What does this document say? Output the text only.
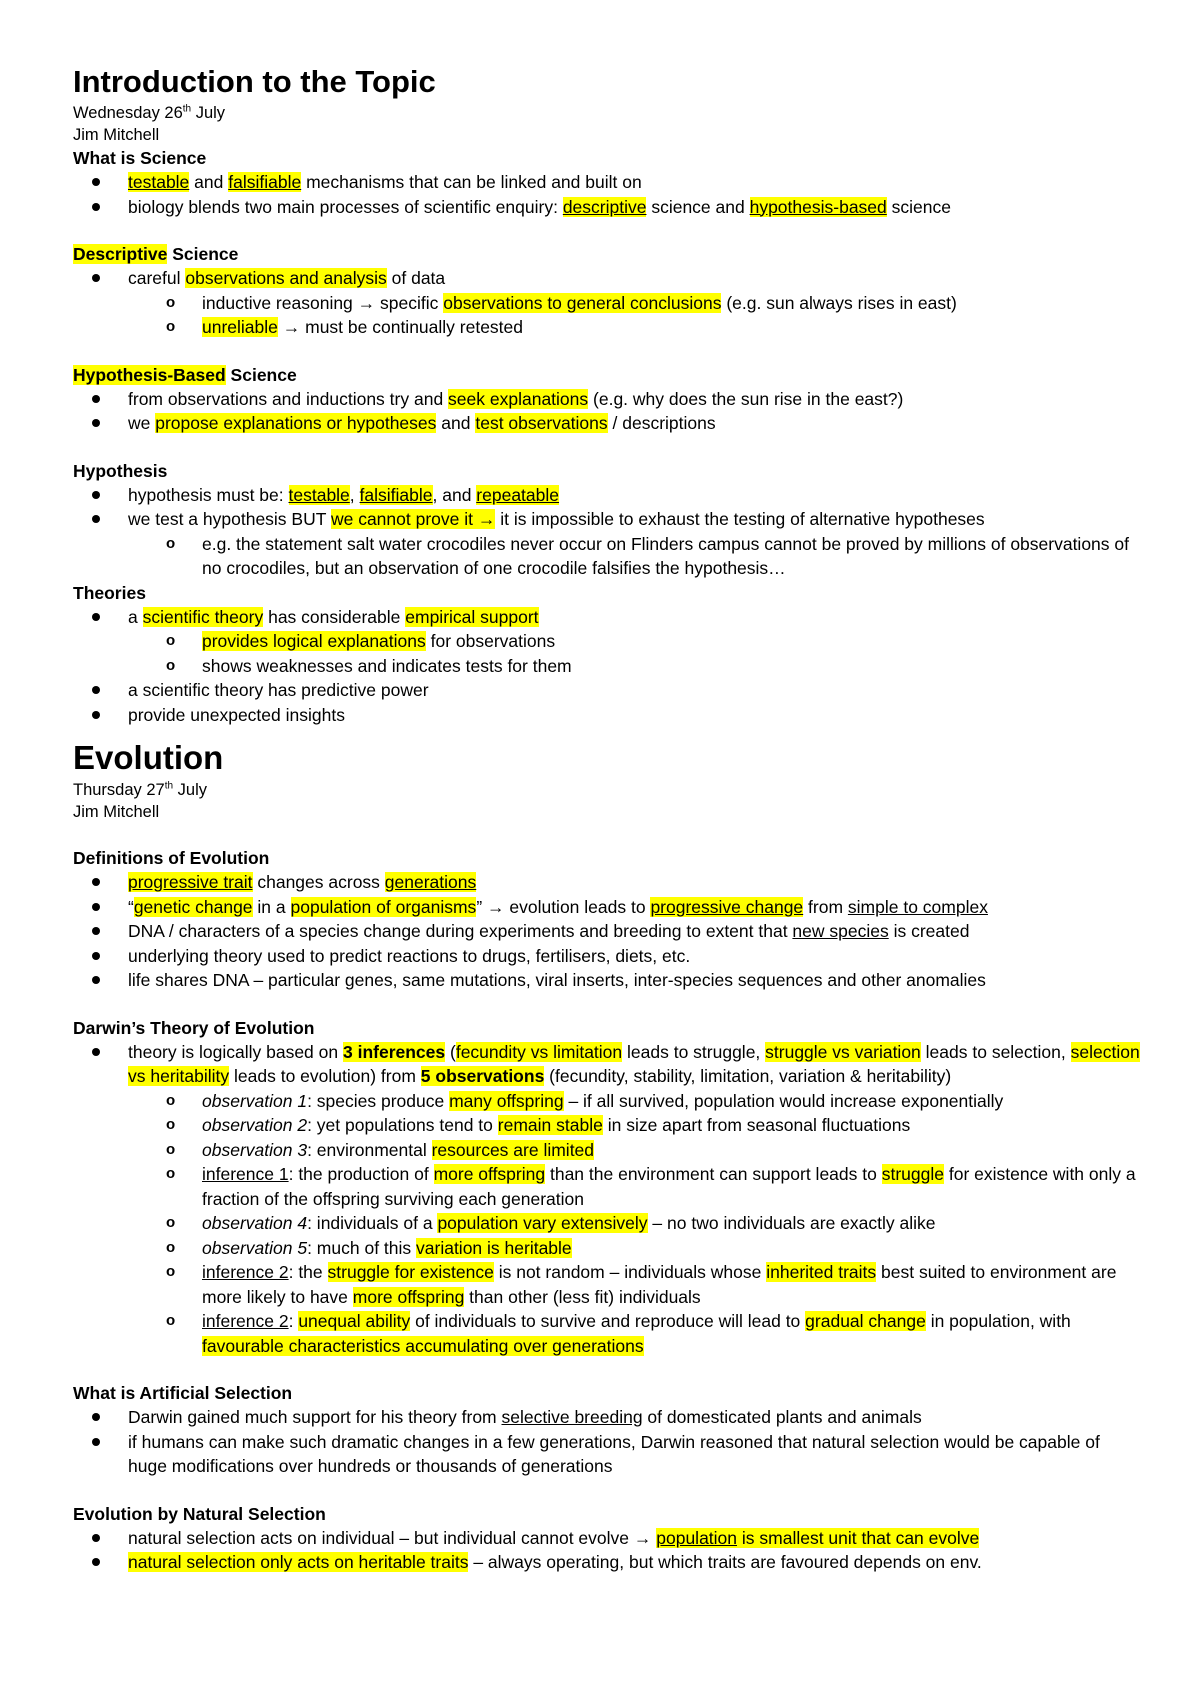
Introduction to the Topic
Wednesday 26th July
Jim Mitchell
What is Science
testable and falsifiable mechanisms that can be linked and built on
biology blends two main processes of scientific enquiry: descriptive science and hypothesis-based science
Descriptive Science
careful observations and analysis of data
o inductive reasoning → specific observations to general conclusions (e.g. sun always rises in east)
o unreliable → must be continually retested
Hypothesis-Based Science
from observations and inductions try and seek explanations (e.g. why does the sun rise in the east?)
we propose explanations or hypotheses and test observations / descriptions
Hypothesis
hypothesis must be: testable, falsifiable, and repeatable
we test a hypothesis BUT we cannot prove it → it is impossible to exhaust the testing of alternative hypotheses
o e.g. the statement salt water crocodiles never occur on Flinders campus cannot be proved by millions of observations of no crocodiles, but an observation of one crocodile falsifies the hypothesis…
Theories
a scientific theory has considerable empirical support
o provides logical explanations for observations
o shows weaknesses and indicates tests for them
a scientific theory has predictive power
provide unexpected insights
Evolution
Thursday 27th July
Jim Mitchell
Definitions of Evolution
progressive trait changes across generations
“genetic change in a population of organisms” → evolution leads to progressive change from simple to complex
DNA / characters of a species change during experiments and breeding to extent that new species is created
underlying theory used to predict reactions to drugs, fertilisers, diets, etc.
life shares DNA – particular genes, same mutations, viral inserts, inter-species sequences and other anomalies
Darwin’s Theory of Evolution
theory is logically based on 3 inferences (fecundity vs limitation leads to struggle, struggle vs variation leads to selection, selection vs heritability leads to evolution) from 5 observations (fecundity, stability, limitation, variation & heritability)
o observation 1: species produce many offspring – if all survived, population would increase exponentially
o observation 2: yet populations tend to remain stable in size apart from seasonal fluctuations
o observation 3: environmental resources are limited
o inference 1: the production of more offspring than the environment can support leads to struggle for existence with only a fraction of the offspring surviving each generation
o observation 4: individuals of a population vary extensively – no two individuals are exactly alike
o observation 5: much of this variation is heritable
o inference 2: the struggle for existence is not random – individuals whose inherited traits best suited to environment are more likely to have more offspring than other (less fit) individuals
o inference 2: unequal ability of individuals to survive and reproduce will lead to gradual change in population, with favourable characteristics accumulating over generations
What is Artificial Selection
Darwin gained much support for his theory from selective breeding of domesticated plants and animals
if humans can make such dramatic changes in a few generations, Darwin reasoned that natural selection would be capable of huge modifications over hundreds or thousands of generations
Evolution by Natural Selection
natural selection acts on individual – but individual cannot evolve → population is smallest unit that can evolve
natural selection only acts on heritable traits – always operating, but which traits are favoured depends on env.
